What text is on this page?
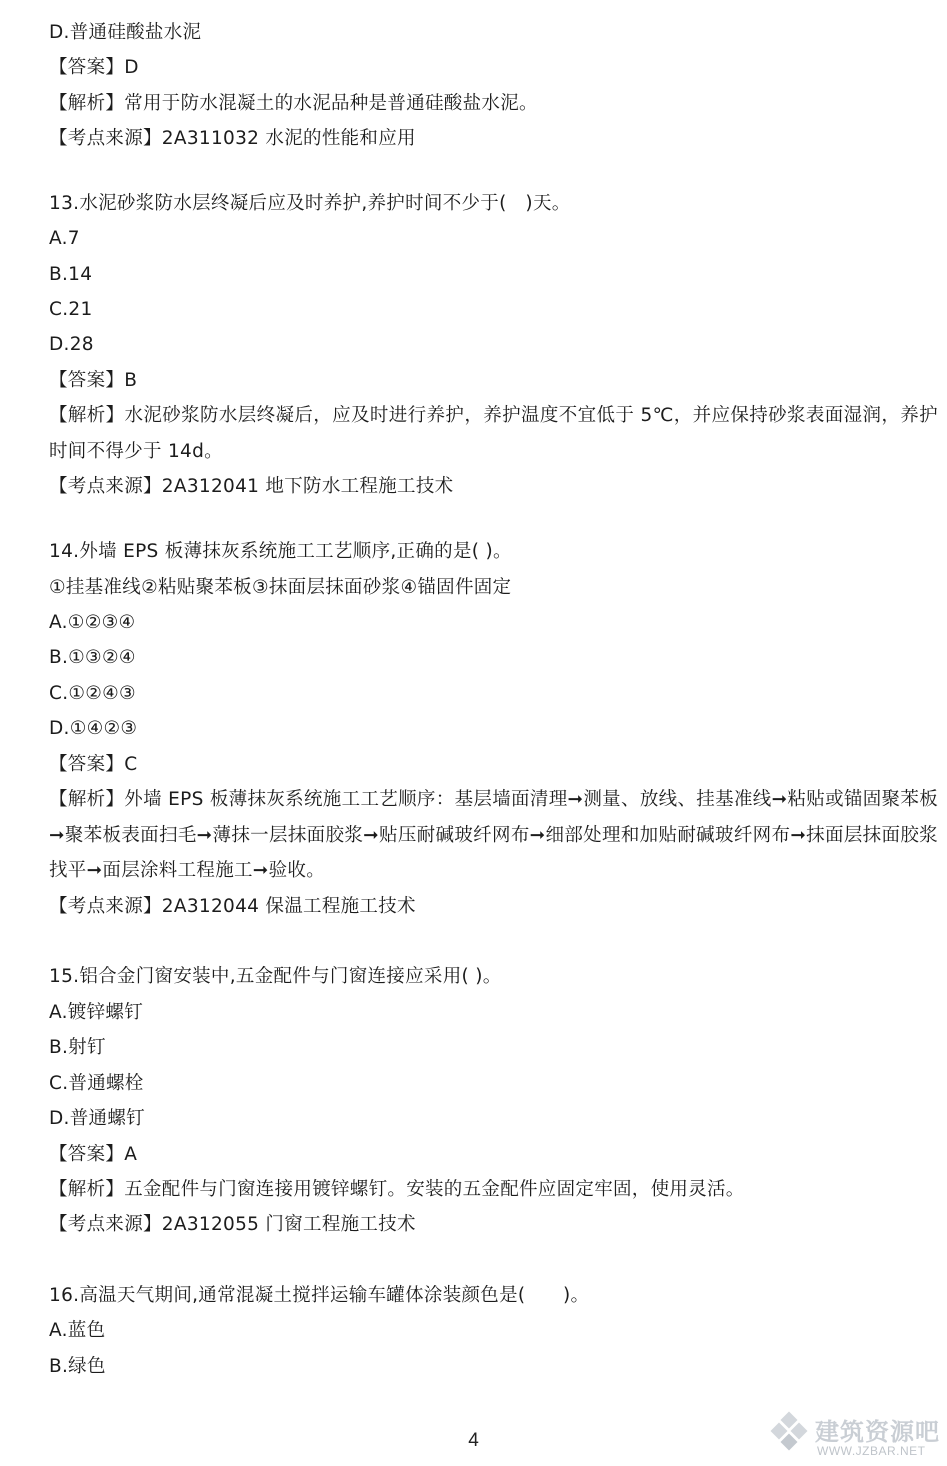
D.普通硅酸盐水泥
【答案】D
【解析】常用于防水混凝土的水泥品种是普通硅酸盐水泥。
【考点来源】2A311032 水泥的性能和应用
13.水泥砂浆防水层终凝后应及时养护,养护时间不少于(　)天。
A.7
B.14
C.21
D.28
【答案】B
【解析】水泥砂浆防水层终凝后，应及时进行养护，养护温度不宜低于 5℃，并应保持砂浆表面湿润，养护时间不得少于 14d。
【考点来源】2A312041 地下防水工程施工技术
14.外墙 EPS 板薄抹灰系统施工工艺顺序,正确的是( )。
①挂基准线②粘贴聚苯板③抹面层抹面砂浆④锚固件固定
A.①②③④
B.①③②④
C.①②④③
D.①④②③
【答案】C
【解析】外墙 EPS 板薄抹灰系统施工工艺顺序：基层墙面清理➞测量、放线、挂基准线➞粘贴或锚固聚苯板➞聚苯板表面扫毛➞薄抹一层抹面胶浆➞贴压耐碱玻纤网布➞细部处理和加贴耐碱玻纤网布➞抹面层抹面胶浆找平➞面层涂料工程施工➞验收。
【考点来源】2A312044 保温工程施工技术
15.铝合金门窗安装中,五金配件与门窗连接应采用( )。
A.镀锌螺钉
B.射钉
C.普通螺栓
D.普通螺钉
【答案】A
【解析】五金配件与门窗连接用镀锌螺钉。安装的五金配件应固定牢固，使用灵活。
【考点来源】2A312055 门窗工程施工技术
16.高温天气期间,通常混凝土搅拌运输车罐体涂装颜色是(　　)。
A.蓝色
B.绿色
4	建筑资源吧
WWW.JZBAR.NET
